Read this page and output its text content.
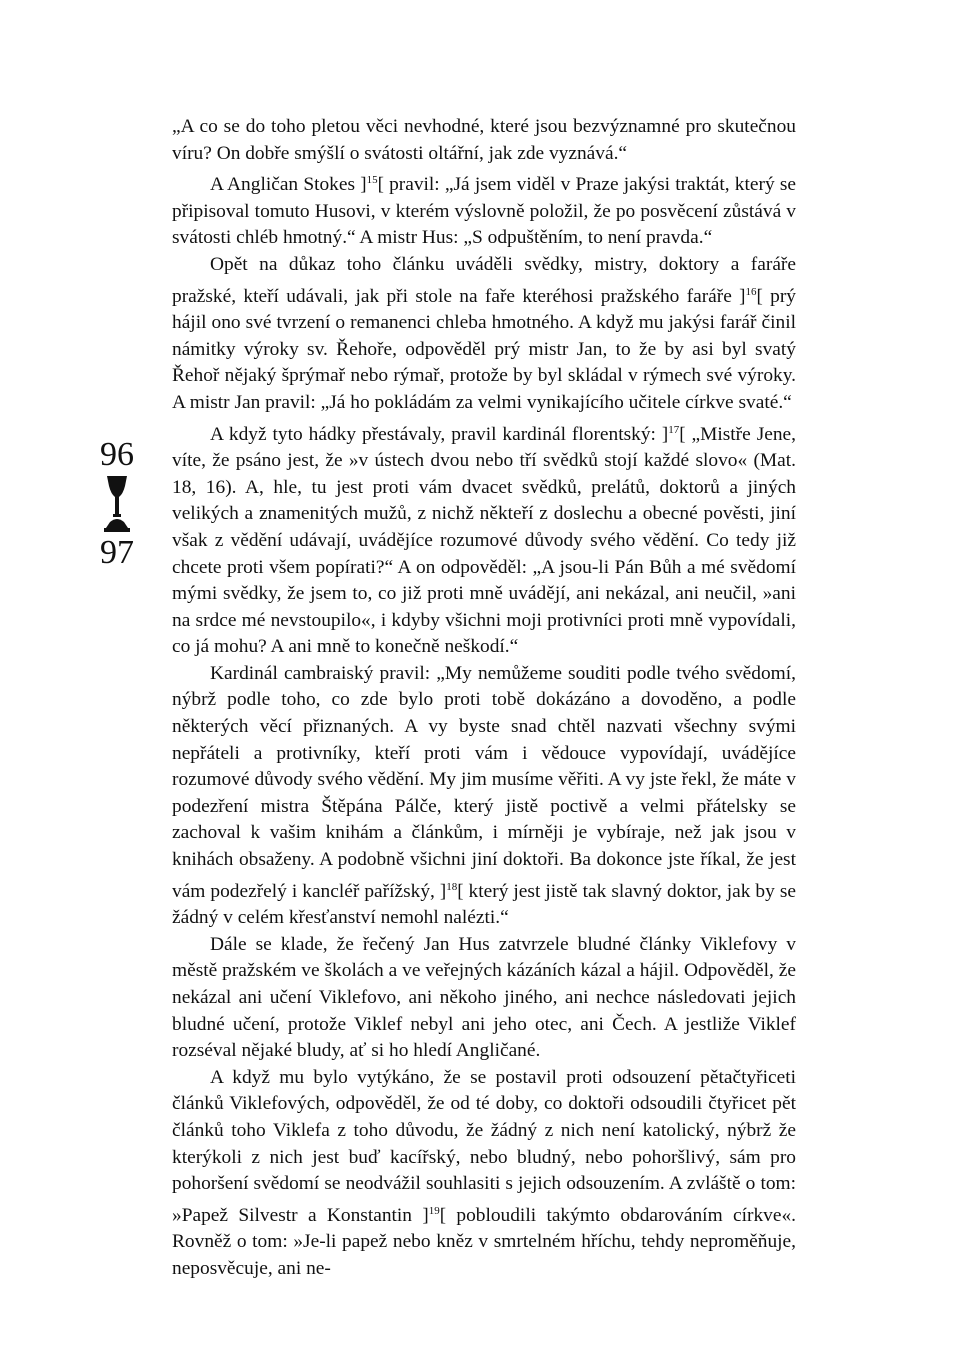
96
97

„A co se do toho pletou věci nevhodné, které jsou bezvýznamné pro skutečnou víru? On dobře smýšlí o svátosti oltářní, jak zde vyznává.“

A Angličan Stokes ]$^{15}$[ pravil: „Já jsem viděl v Praze jakýsi traktát, který se připisoval tomuto Husovi, v kterém výslovně položil, že po posvěcení zůstává v svátosti chléb hmotný.“ A mistr Hus: „S odpuštěním, to není pravda.“

Opět na důkaz toho článku uváděli svědky, mistry, doktory a faráře pražské, kteří udávali, jak při stole na faře kteréhosi pražského faráře ]$^{16}$[ prý hájil ono své tvrzení o remanenci chleba hmotného. A když mu jakýsi farář činil námitky výroky sv. Řehoře, odpověděl prý mistr Jan, to že by asi byl svatý Řehoř nějaký šprýmař nebo rýmař, protože by byl skládal v rýmech své výroky. A mistr Jan pravil: „Já ho pokládám za velmi vynikajícího učitele církve svaté.“

A když tyto hádky přestávaly, pravil kardinál florentský: ]$^{17}$[ „Mistře Jene, víte, že psáno jest, že »v ústech dvou nebo tří svědků stojí každé slovo« (Mat. 18, 16). A, hle, tu jest proti vám dvacet svědků, prelátů, doktorů a jiných velikých a znamenitých mužů, z nichž někteří z doslechu a obecné pověsti, jiní však z vědění udávají, uvádějíce rozumové důvody svého vědění. Co tedy již chcete proti všem popírati?“ A on odpověděl: „A jsou-li Pán Bůh a mé svědomí mými svědky, že jsem to, co již proti mně uvádějí, ani nekázal, ani neučil, »ani na srdce mé nevstoupilo«, i kdyby všichni moji protivníci proti mně vypovídali, co já mohu? A ani mně to konečně neškodí.“

Kardinál cambraiský pravil: „My nemůžeme souditi podle tvého svědomí, nýbrž podle toho, co zde bylo proti tobě dokázáno a dovoděno, a podle některých věcí přiznaných. A vy byste snad chtěl nazvati všechny svými nepřáteli a protivníky, kteří proti vám i vědouce vypovídají, uvádějíce rozumové důvody svého vědění. My jim musíme věřiti. A vy jste řekl, že máte v podezření mistra Štěpána Pálče, který jistě poctivě a velmi přátelsky se zachoval k vašim knihám a článkům, i mírněji je vybíraje, než jak jsou v knihách obsaženy. A podobně všichni jiní doktoři. Ba dokonce jste říkal, že jest vám podezřelý i kancléř pařížský, ]$^{18}$[ který jest jistě tak slavný doktor, jak by se žádný v celém křesťanství nemohl nalézti.“

Dále se klade, že řečený Jan Hus zatvrzele bludné články Viklefovy v městě pražském ve školách a ve veřejných kázáních kázal a hájil. Odpověděl, že nekázal ani učení Viklefovo, ani někoho jiného, ani nechce následovati jejich bludné učení, protože Viklef nebyl ani jeho otec, ani Čech. A jestliže Viklef rozséval nějaké bludy, ať si ho hledí Angličané.

A když mu bylo vytýkáno, že se postavil proti odsouzení pětačtyřiceti článků Viklefových, odpověděl, že od té doby, co doktoři odsoudili čtyřicet pět článků toho Viklefa z toho důvodu, že žádný z nich není katolický, nýbrž že kterýkoli z nich jest buď kacířský, nebo bludný, nebo pohoršlivý, sám pro pohoršení svědomí se neodvážil souhlasiti s jejich odsouzením. A zvláště o tom: »Papež Silvestr a Konstantin ]$^{19}$[ pobloudili takýmto obdarováním církve«. Rovněž o tom: »Je-li papež nebo kněz v smrtelném hříchu, tehdy neproměňuje, neposvěcuje, ani ne-
